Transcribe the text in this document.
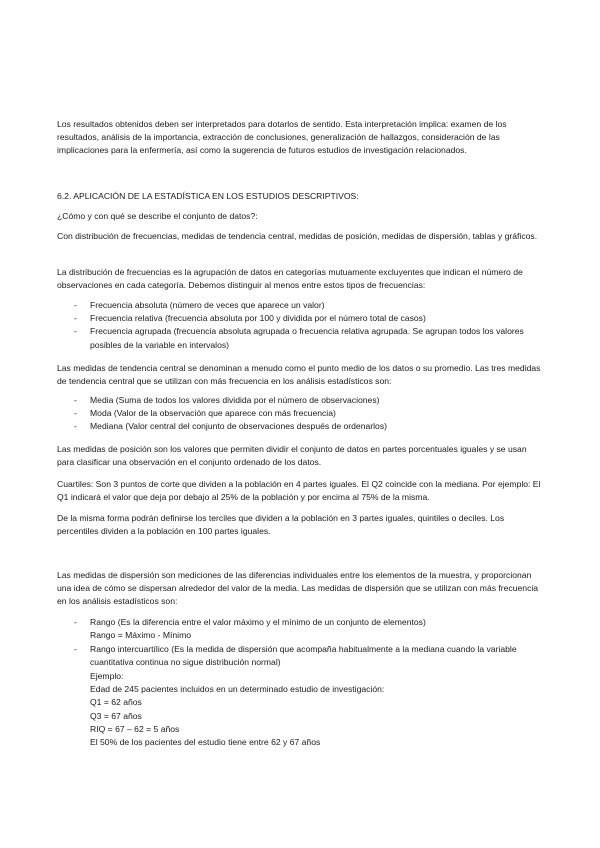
Los resultados obtenidos deben ser interpretados para dotarlos de sentido. Esta interpretación implica: examen de los resultados, análisis de la importancia, extracción de conclusiones, generalización de hallazgos, consideración de las implicaciones para la enfermería, así como la sugerencia de futuros estudios de investigación relacionados.

6.2. APLICACIÓN DE LA ESTADÍSTICA EN LOS ESTUDIOS DESCRIPTIVOS:

¿Cómo y con qué se describe el conjunto de datos?:

Con distribución de frecuencias, medidas de tendencia central, medidas de posición, medidas de dispersión, tablas y gráficos.

La distribución de frecuencias es la agrupación de datos en categorías mutuamente excluyentes que indican el número de observaciones en cada categoría. Debemos distinguir al menos entre estos tipos de frecuencias:

- Frecuencia absoluta (número de veces que aparece un valor)
- Frecuencia relativa (frecuencia absoluta por 100 y dividida por el número total de casos)
- Frecuencia agrupada (frecuencia absoluta agrupada o frecuencia relativa agrupada. Se agrupan todos los valores posibles de la variable en intervalos)

Las medidas de tendencia central se denominan a menudo como el punto medio de los datos o su promedio. Las tres medidas de tendencia central que se utilizan con más frecuencia en los análisis estadísticos son:

- Media (Suma de todos los valores dividida por el número de observaciones)
- Moda (Valor de la observación que aparece con más frecuencia)
- Mediana (Valor central del conjunto de observaciones después de ordenarlos)

Las medidas de posición son los valores que permiten dividir el conjunto de datos en partes porcentuales iguales y se usan para clasificar una observación en el conjunto ordenado de los datos.

Cuartiles: Son 3 puntos de corte que dividen a la población en 4 partes iguales. El Q2 coincide con la mediana. Por ejemplo: El Q1 indicará el valor que deja por debajo al 25% de la población y por encima al 75% de la misma.

De la misma forma podrán definirse los terciles que dividen a la población en 3 partes iguales, quintiles o deciles. Los percentiles dividen a la población en 100 partes iguales.

Las medidas de dispersión son mediciones de las diferencias individuales entre los elementos de la muestra, y proporcionan una idea de cómo se dispersan alrededor del valor de la media. Las medidas de dispersión que se utilizan con más frecuencia en los análisis estadísticos son:

- Rango (Es la diferencia entre el valor máximo y el mínimo de un conjunto de elementos)

Rango = Máximo - Mínimo

- Rango intercuartílico (Es la medida de dispersión que acompaña habitualmente a la mediana cuando la variable cuantitativa continua no sigue distribución normal)
Ejemplo:
Edad de 245 pacientes incluidos en un determinado estudio de investigación:
Q1 = 62 años
Q3 = 67 años
RIQ = 67 – 62 = 5 años
El 50% de los pacientes del estudio tiene entre 62 y 67 años
